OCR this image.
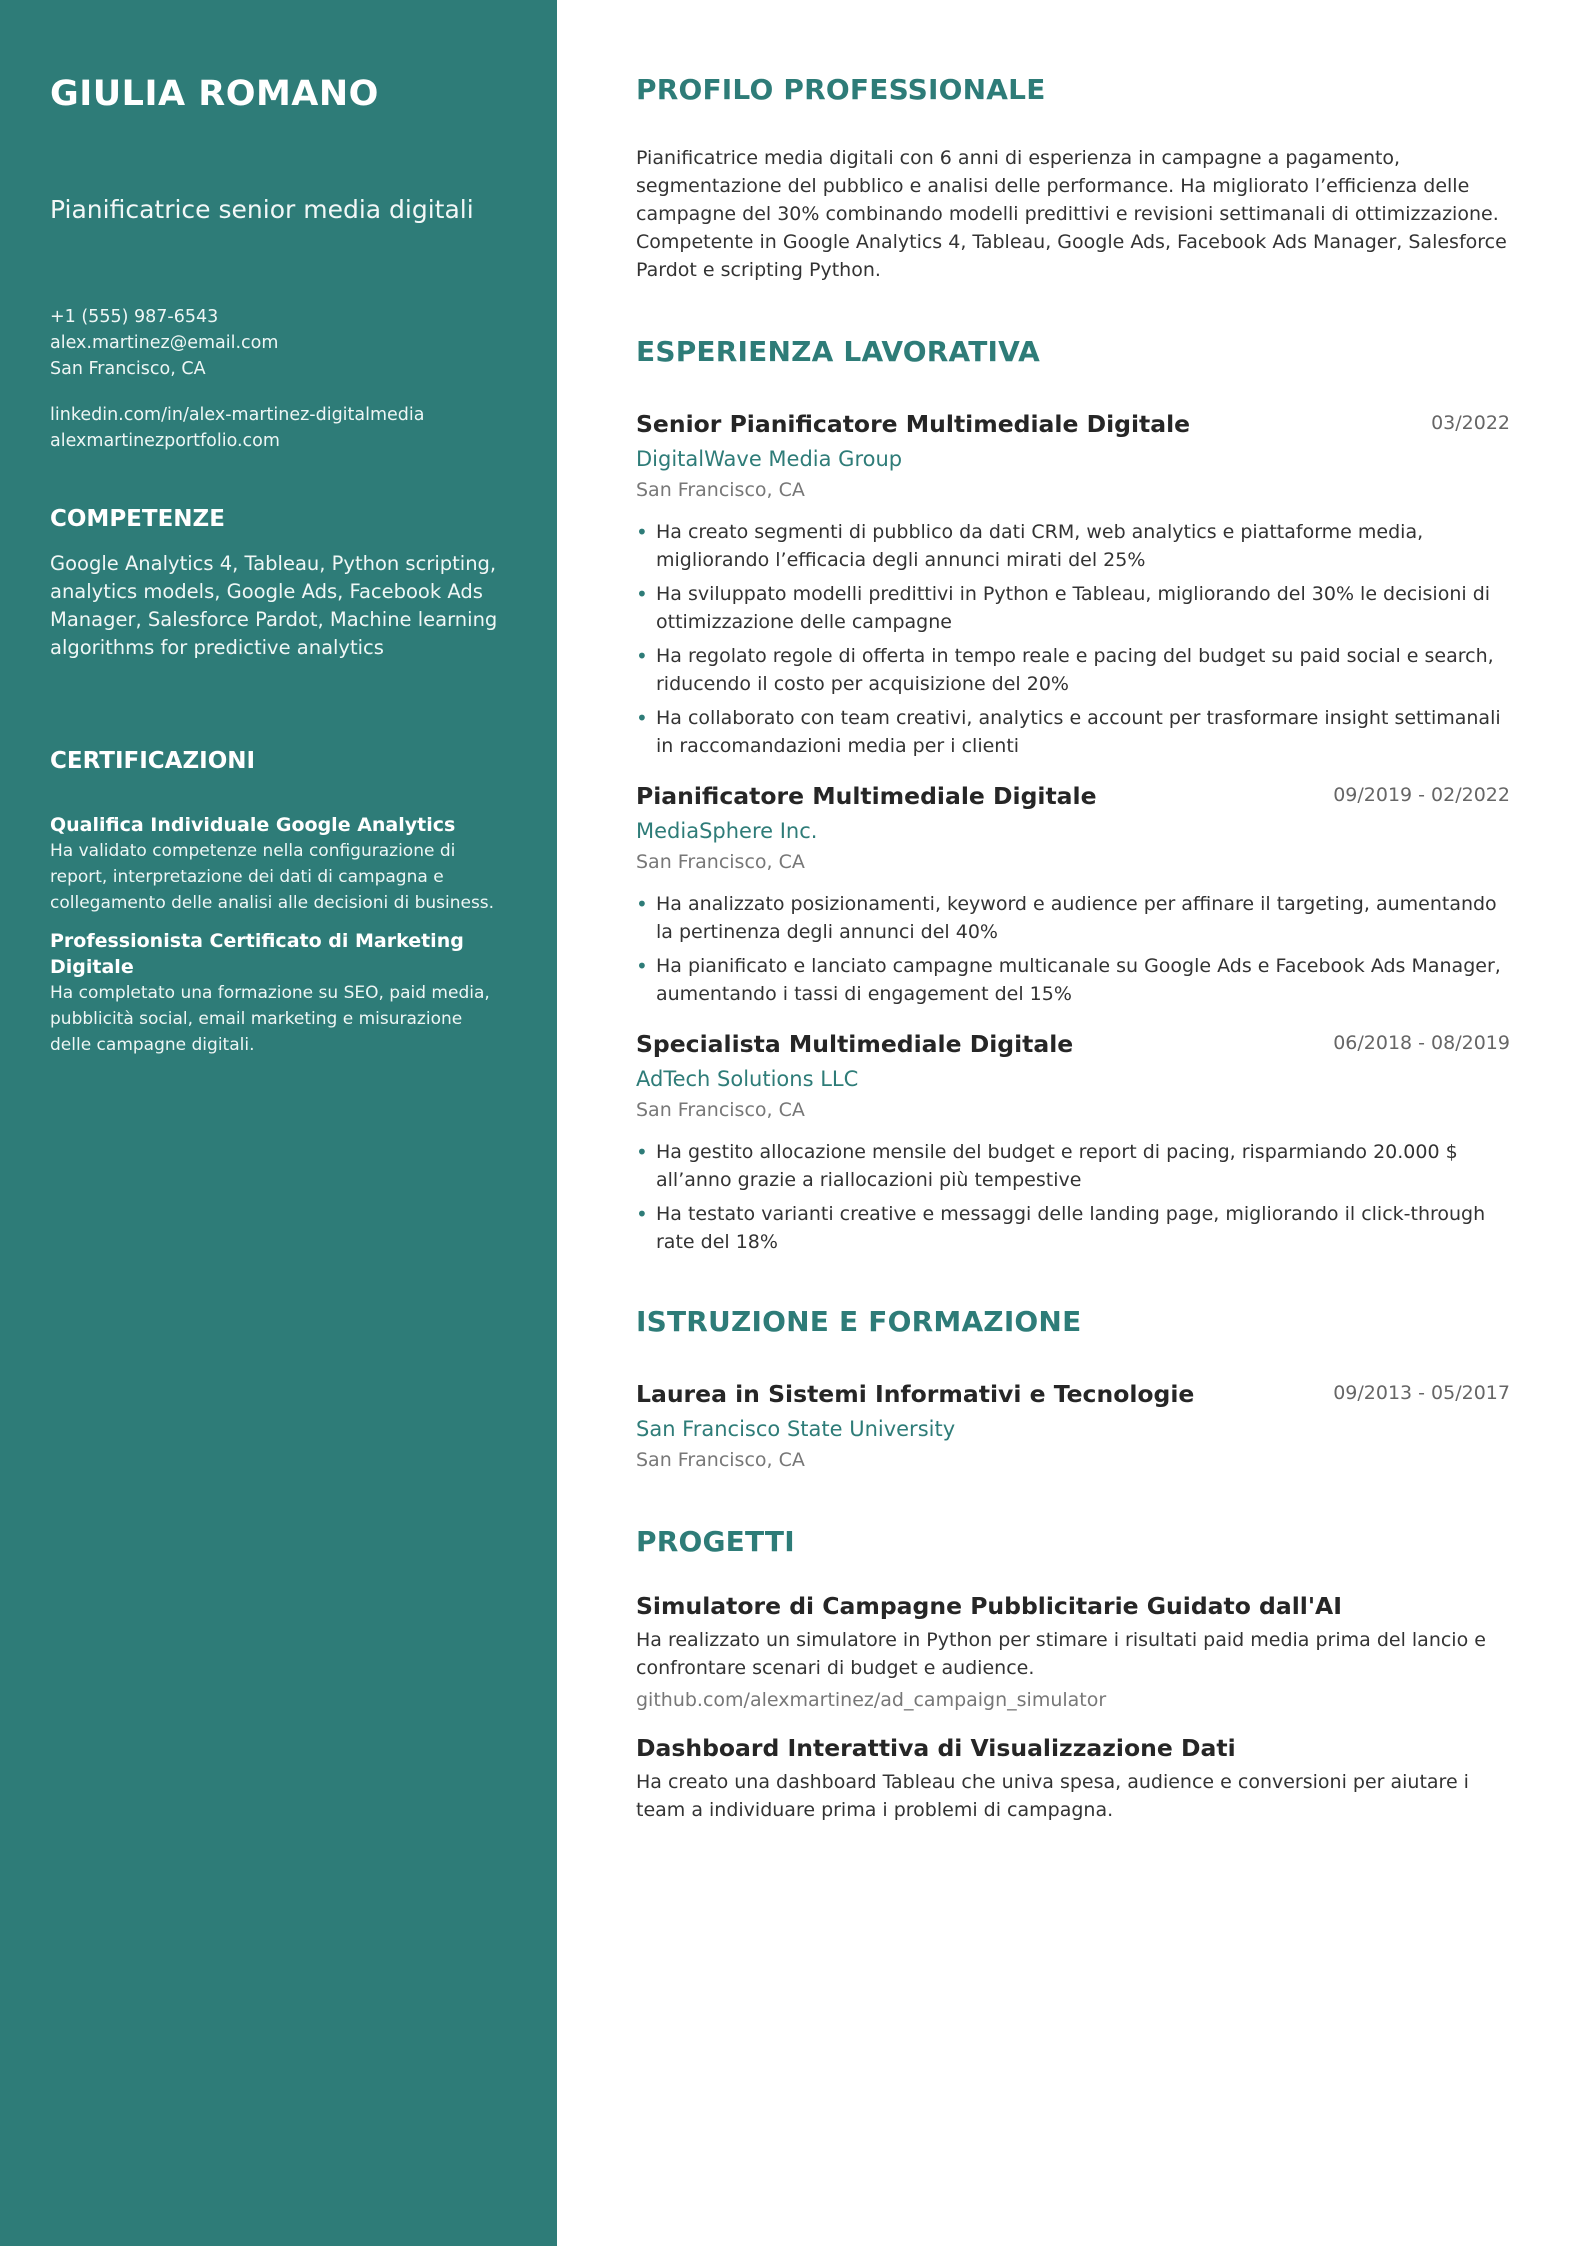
GIULIA ROMANO
Pianificatrice senior media digitali
+1 (555) 987-6543
alex.martinez@email.com
San Francisco, CA
linkedin.com/in/alex-martinez-digitalmedia
alexmartinezportfolio.com
COMPETENZE

Google Analytics 4, Tableau, Python scripting, analytics models, Google Ads, Facebook Ads Manager, Salesforce Pardot, Machine learning algorithms for predictive analytics

CERTIFICAZIONI
Qualifica Individuale Google Analytics
Ha validato competenze nella configurazione di report, interpretazione dei dati di campagna e collegamento delle analisi alle decisioni di business.
Professionista Certificato di Marketing Digitale
Ha completato una formazione su SEO, paid media, pubblicità social, email marketing e misurazione delle campagne digitali.
PROFILO PROFESSIONALE

Pianificatrice media digitali con 6 anni di esperienza in campagne a pagamento, segmentazione del pubblico e analisi delle performance. Ha migliorato l’efficienza delle campagne del 30% combinando modelli predittivi e revisioni settimanali di ottimizzazione. Competente in Google Analytics 4, Tableau, Google Ads, Facebook Ads Manager, Salesforce Pardot e scripting Python.

ESPERIENZA LAVORATIVA
Senior Pianificatore Multimediale Digitale	03/2022
DigitalWave Media Group
San Francisco, CA
• Ha creato segmenti di pubblico da dati CRM, web analytics e piattaforme media, migliorando l’efficacia degli annunci mirati del 25%
• Ha sviluppato modelli predittivi in Python e Tableau, migliorando del 30% le decisioni di ottimizzazione delle campagne
• Ha regolato regole di offerta in tempo reale e pacing del budget su paid social e search, riducendo il costo per acquisizione del 20%
• Ha collaborato con team creativi, analytics e account per trasformare insight settimanali in raccomandazioni media per i clienti
Pianificatore Multimediale Digitale	09/2019 - 02/2022
MediaSphere Inc.
San Francisco, CA
• Ha analizzato posizionamenti, keyword e audience per affinare il targeting, aumentando la pertinenza degli annunci del 40%
• Ha pianificato e lanciato campagne multicanale su Google Ads e Facebook Ads Manager, aumentando i tassi di engagement del 15%
Specialista Multimediale Digitale	06/2018 - 08/2019
AdTech Solutions LLC
San Francisco, CA
• Ha gestito allocazione mensile del budget e report di pacing, risparmiando 20.000 $ all’anno grazie a riallocazioni più tempestive
• Ha testato varianti creative e messaggi delle landing page, migliorando il click-through rate del 18%
ISTRUZIONE E FORMAZIONE
Laurea in Sistemi Informativi e Tecnologie	09/2013 - 05/2017
San Francisco State University
San Francisco, CA
PROGETTI
Simulatore di Campagne Pubblicitarie Guidato dall'AI
Ha realizzato un simulatore in Python per stimare i risultati paid media prima del lancio e confrontare scenari di budget e audience.
github.com/alexmartinez/ad_campaign_simulator
Dashboard Interattiva di Visualizzazione Dati
Ha creato una dashboard Tableau che univa spesa, audience e conversioni per aiutare i team a individuare prima i problemi di campagna.
